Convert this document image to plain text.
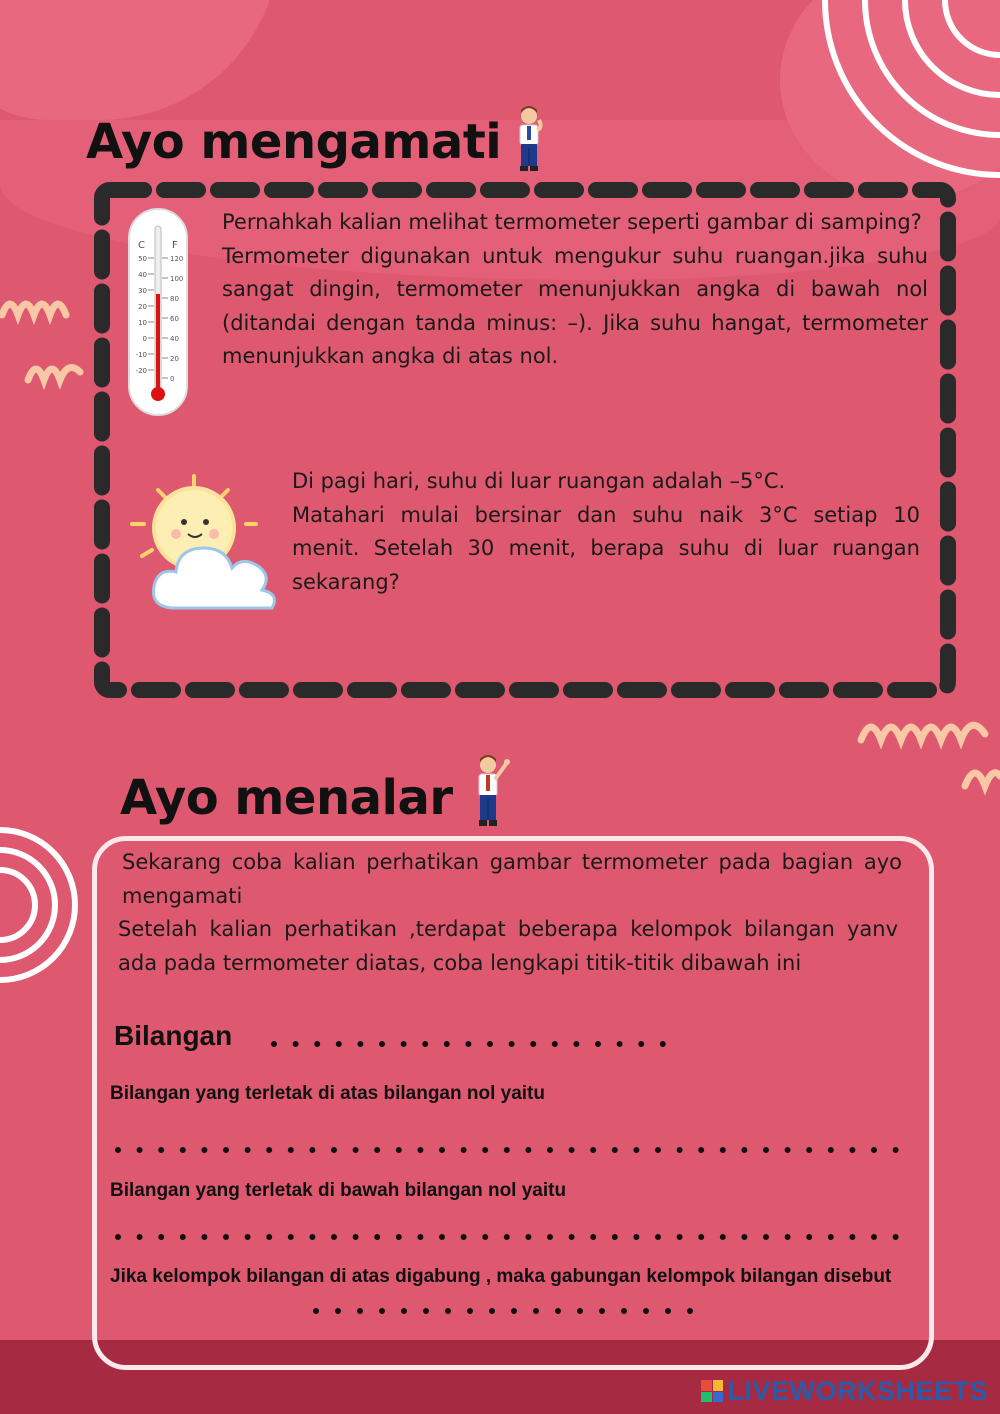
Ayo mengamati
C	F
50
40
30
20
10
0
-10
-20
120
100
80
60
40
20
0
Pernahkah kalian melihat termometer seperti gambar di samping?
Termometer digunakan untuk mengukur suhu ruangan.jika suhu sangat dingin, termometer menunjukkan angka di bawah nol (ditandai dengan tanda minus: –). Jika suhu hangat, termometer menunjukkan angka di atas nol.
Di pagi hari, suhu di luar ruangan adalah –5°C.
Matahari mulai bersinar dan suhu naik 3°C setiap 10 menit. Setelah 30 menit, berapa suhu di luar ruangan sekarang?
Ayo menalar
Sekarang coba kalian perhatikan gambar termometer pada bagian ayo mengamati
Setelah kalian perhatikan ,terdapat beberapa kelompok bilangan yanv ada pada termometer diatas, coba lengkapi titik-titik dibawah ini
Bilangan
Bilangan yang terletak di atas bilangan nol yaitu
Bilangan yang terletak di bawah bilangan nol yaitu
Jika kelompok bilangan di atas digabung , maka gabungan kelompok bilangan disebut
LIVEWORKSHEETS
